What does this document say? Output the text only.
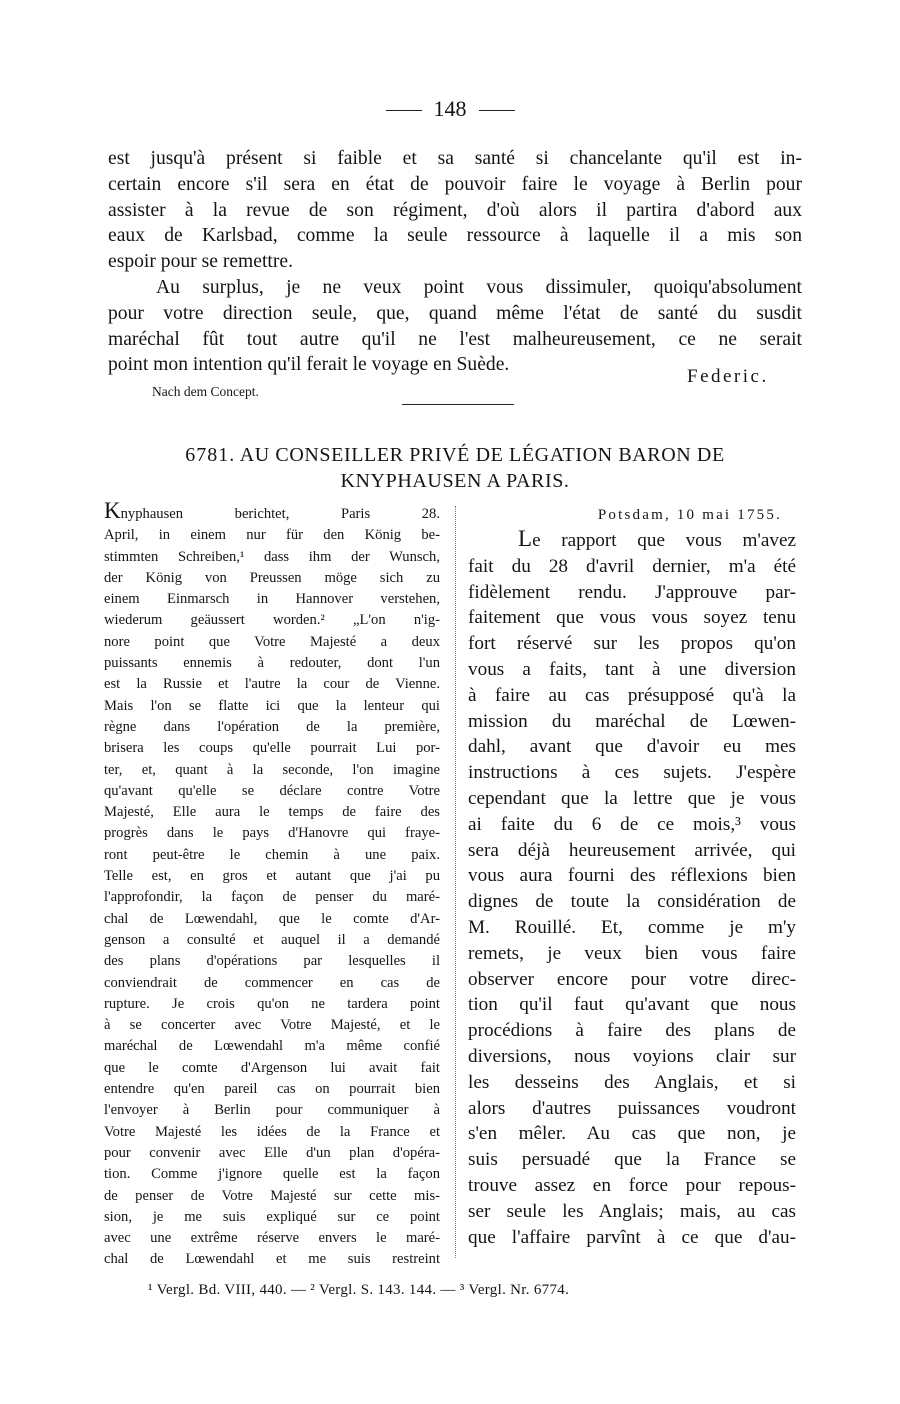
148
est jusqu'à présent si faible et sa santé si chancelante qu'il est in-
certain encore s'il sera en état de pouvoir faire le voyage à Berlin pour
assister à la revue de son régiment, d'où alors il partira d'abord aux
eaux de Karlsbad, comme la seule ressource à laquelle il a mis son
espoir pour se remettre.
Au surplus, je ne veux point vous dissimuler, quoiqu'absolument
pour votre direction seule, que, quand même l'état de santé du susdit
maréchal fût tout autre qu'il ne l'est malheureusement, ce ne serait
point mon intention qu'il ferait le voyage en Suède.
Federic.
Nach dem Concept.
6781. AU CONSEILLER PRIVÉ DE LÉGATION BARON DE
KNYPHAUSEN A PARIS.
Knyphausen berichtet, Paris 28.
April, in einem nur für den König be-
stimmten Schreiben,¹ dass ihm der Wunsch,
der König von Preussen möge sich zu
einem Einmarsch in Hannover verstehen,
wiederum geäussert worden.² „L'on n'ig-
nore point que Votre Majesté a deux
puissants ennemis à redouter, dont l'un
est la Russie et l'autre la cour de Vienne.
Mais l'on se flatte ici que la lenteur qui
règne dans l'opération de la première,
brisera les coups qu'elle pourrait Lui por-
ter, et, quant à la seconde, l'on imagine
qu'avant qu'elle se déclare contre Votre
Majesté, Elle aura le temps de faire des
progrès dans le pays d'Hanovre qui fraye-
ront peut-être le chemin à une paix.
Telle est, en gros et autant que j'ai pu
l'approfondir, la façon de penser du maré-
chal de Lœwendahl, que le comte d'Ar-
genson a consulté et auquel il a demandé
des plans d'opérations par lesquelles il
conviendrait de commencer en cas de
rupture. Je crois qu'on ne tardera point
à se concerter avec Votre Majesté, et le
maréchal de Lœwendahl m'a même confié
que le comte d'Argenson lui avait fait
entendre qu'en pareil cas on pourrait bien
l'envoyer à Berlin pour communiquer à
Votre Majesté les idées de la France et
pour convenir avec Elle d'un plan d'opéra-
tion. Comme j'ignore quelle est la façon
de penser de Votre Majesté sur cette mis-
sion, je me suis expliqué sur ce point
avec une extrême réserve envers le maré-
chal de Lœwendahl et me suis restreint
Potsdam, 10 mai 1755.
Le rapport que vous m'avez
fait du 28 d'avril dernier, m'a été
fidèlement rendu. J'approuve par-
faitement que vous vous soyez tenu
fort réservé sur les propos qu'on
vous a faits, tant à une diversion
à faire au cas présupposé qu'à la
mission du maréchal de Lœwen-
dahl, avant que d'avoir eu mes
instructions à ces sujets. J'espère
cependant que la lettre que je vous
ai faite du 6 de ce mois,³ vous
sera déjà heureusement arrivée, qui
vous aura fourni des réflexions bien
dignes de toute la considération de
M. Rouillé. Et, comme je m'y
remets, je veux bien vous faire
observer encore pour votre direc-
tion qu'il faut qu'avant que nous
procédions à faire des plans de
diversions, nous voyions clair sur
les desseins des Anglais, et si
alors d'autres puissances voudront
s'en mêler. Au cas que non, je
suis persuadé que la France se
trouve assez en force pour repous-
ser seule les Anglais; mais, au cas
que l'affaire parvînt à ce que d'au-
¹ Vergl. Bd. VIII, 440. — ² Vergl. S. 143. 144. — ³ Vergl. Nr. 6774.
